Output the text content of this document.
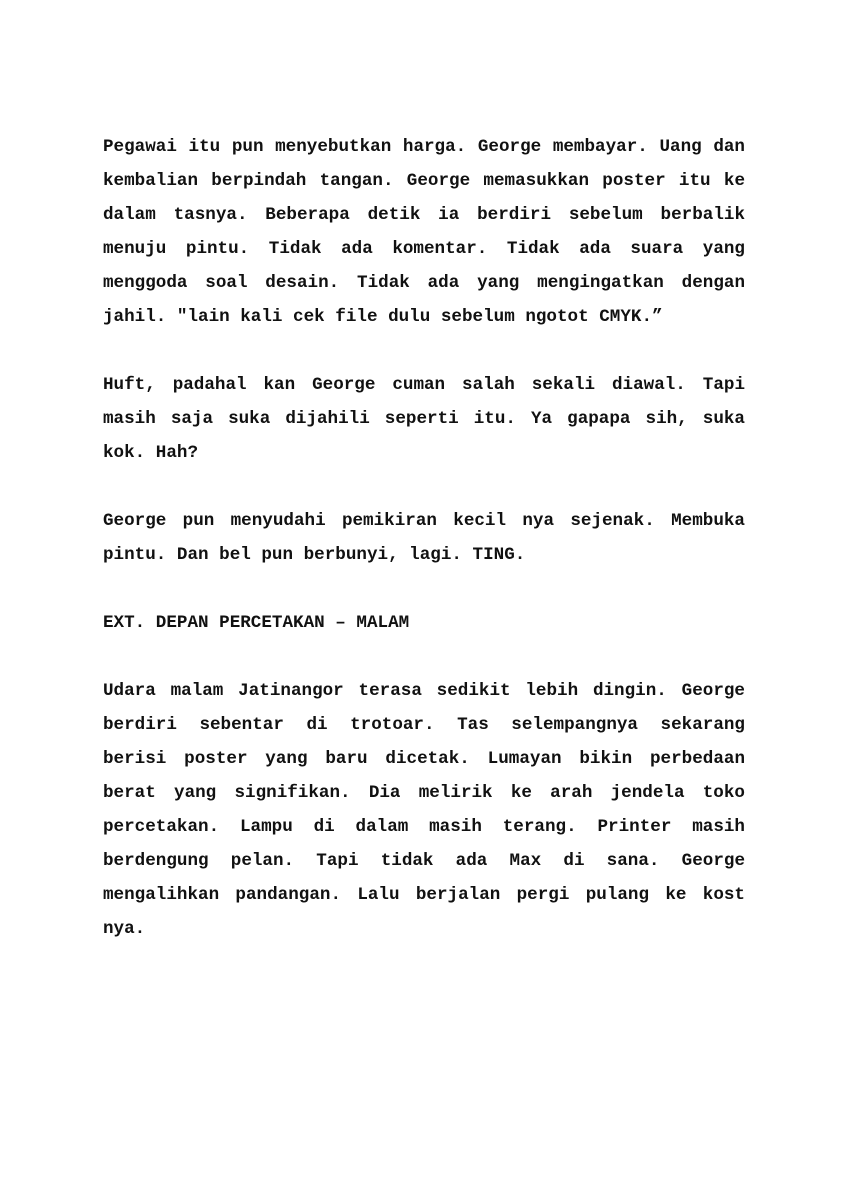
Pegawai itu pun menyebutkan harga. George membayar. Uang dan kembalian berpindah tangan. George memasukkan poster itu ke dalam tasnya. Beberapa detik ia berdiri sebelum berbalik menuju pintu. Tidak ada komentar. Tidak ada suara yang menggoda soal desain. Tidak ada yang mengingatkan dengan jahil. "lain kali cek file dulu sebelum ngotot CMYK.”

Huft, padahal kan George cuman salah sekali diawal. Tapi masih saja suka dijahili seperti itu. Ya gapapa sih, suka kok. Hah?

George pun menyudahi pemikiran kecil nya sejenak. Membuka pintu. Dan bel pun berbunyi, lagi. TING.

EXT. DEPAN PERCETAKAN – MALAM

Udara malam Jatinangor terasa sedikit lebih dingin. George berdiri sebentar di trotoar. Tas selempangnya sekarang berisi poster yang baru dicetak. Lumayan bikin perbedaan berat yang signifikan. Dia melirik ke arah jendela toko percetakan. Lampu di dalam masih terang. Printer masih berdengung pelan. Tapi tidak ada Max di sana. George mengalihkan pandangan. Lalu berjalan pergi pulang ke kost nya.
